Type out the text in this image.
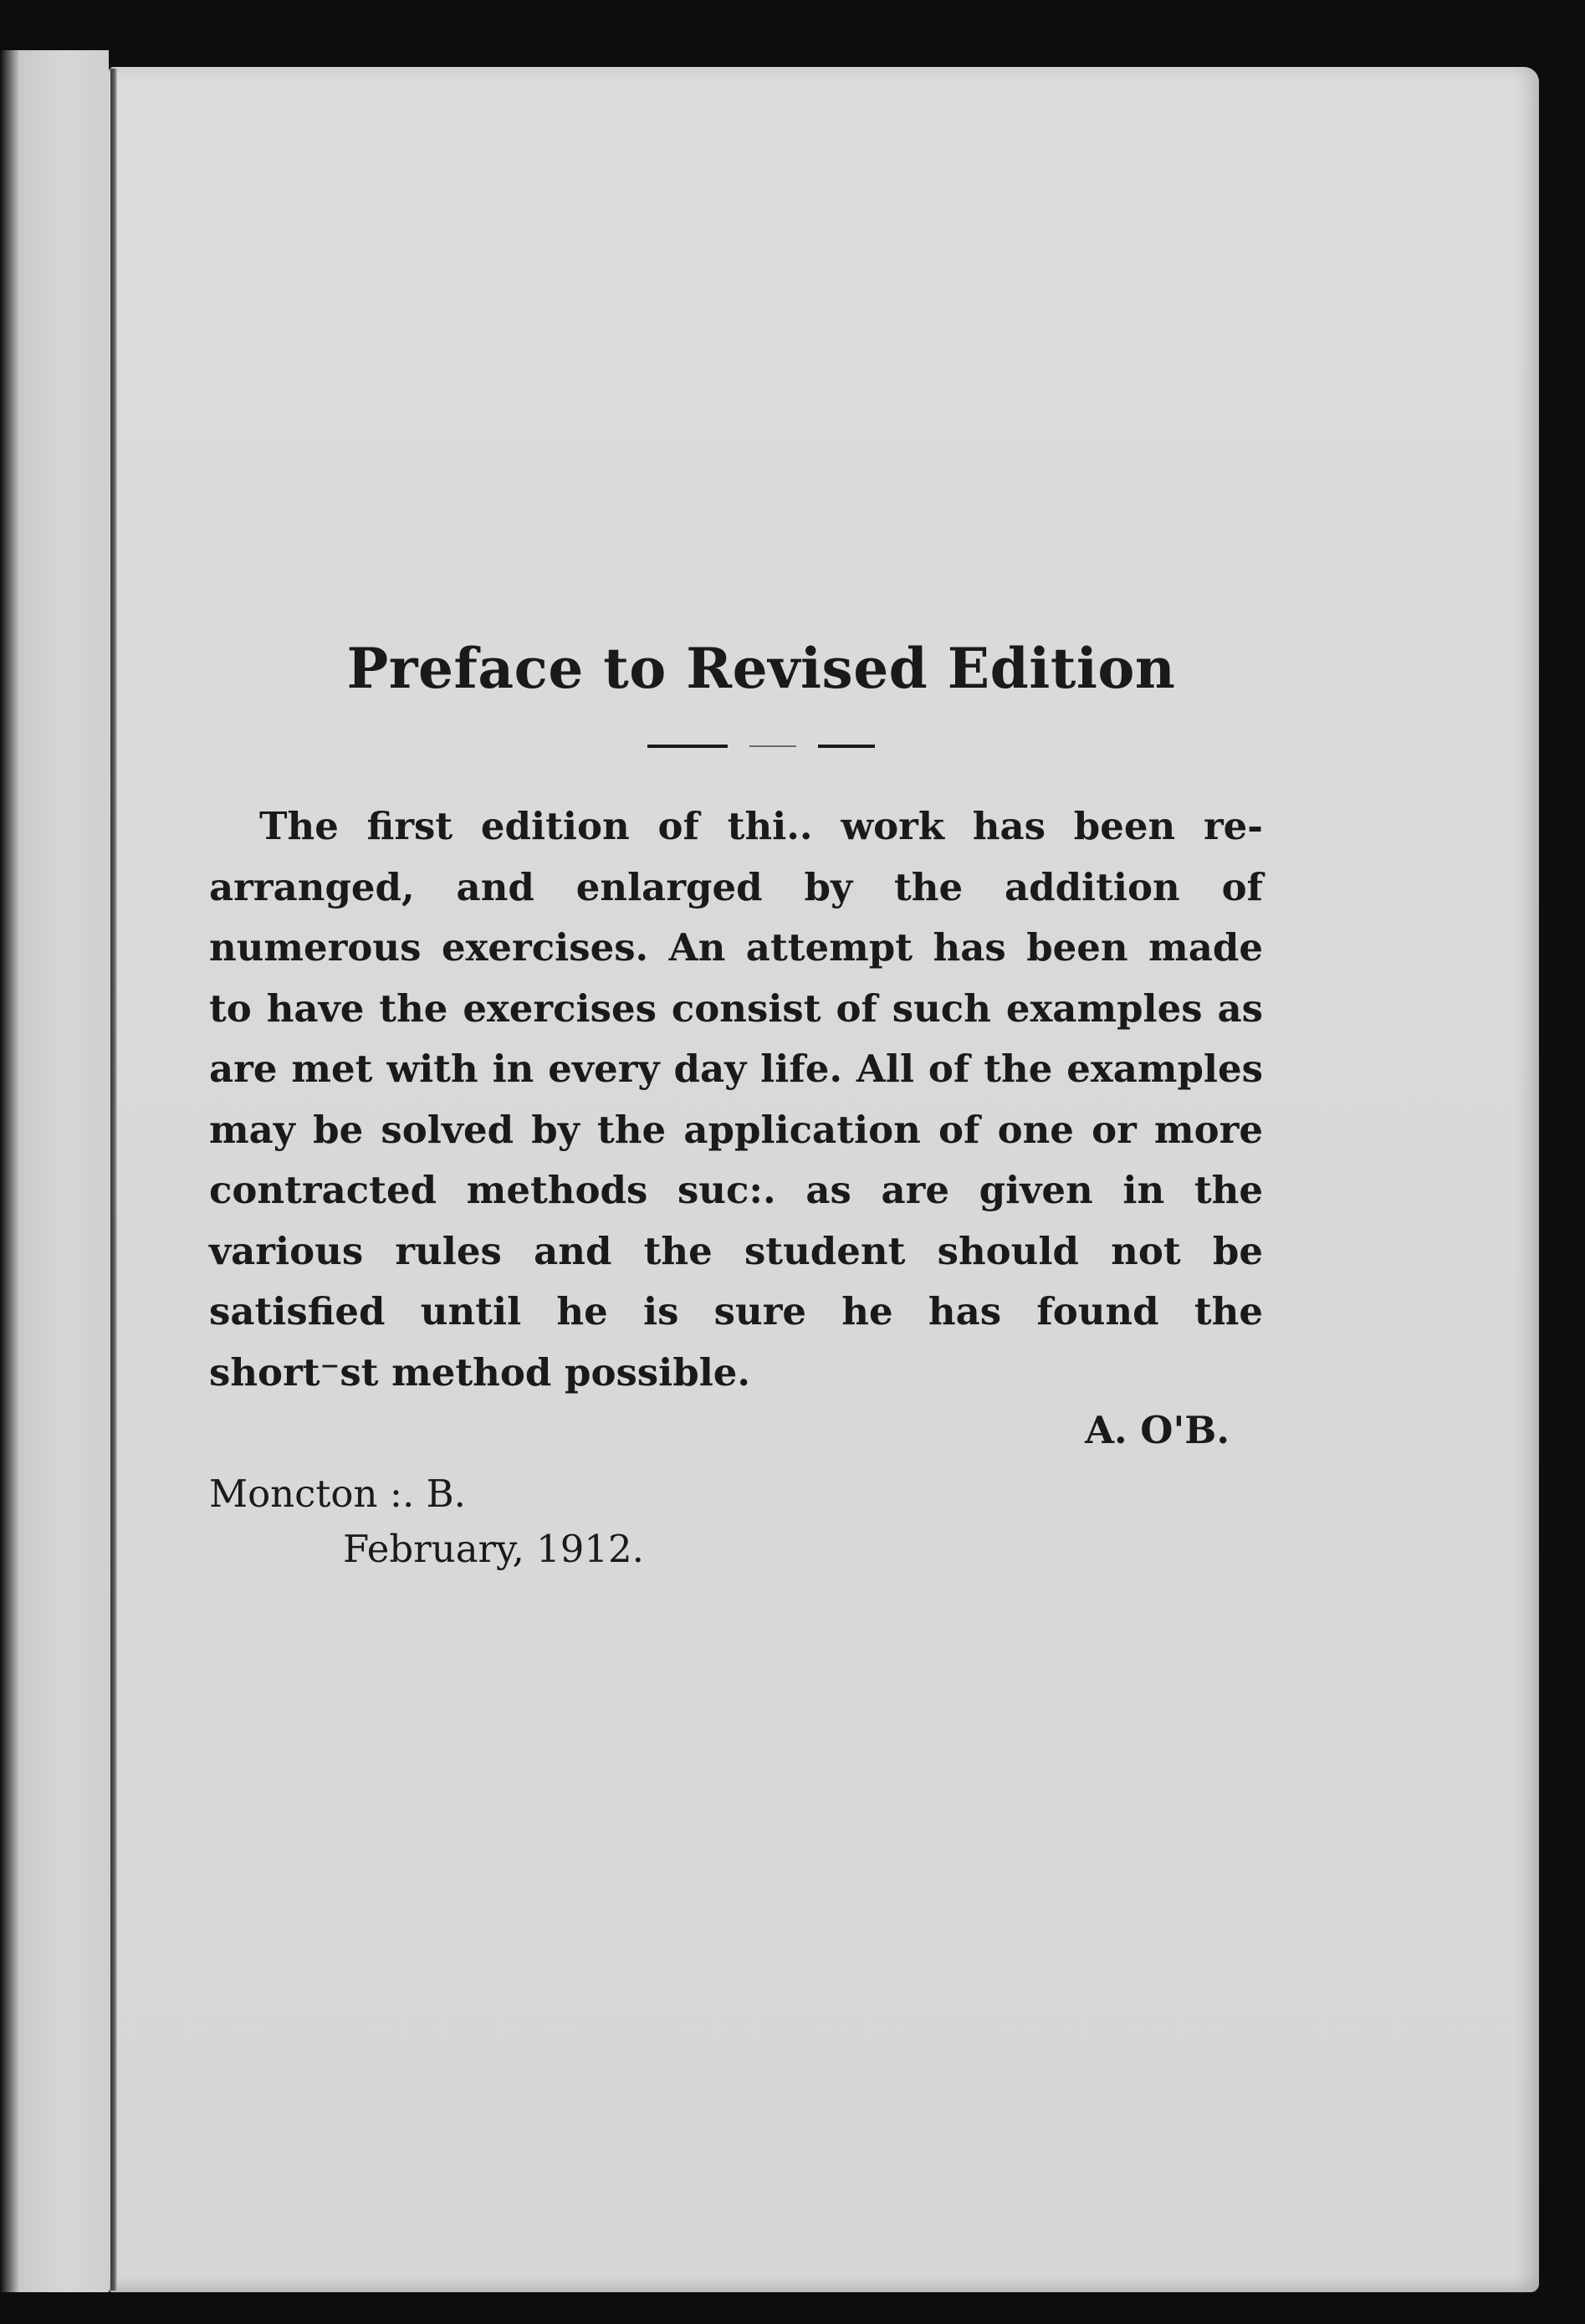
Preface to Revised Edition

The first edition of thi.. work has been re-arranged, and enlarged by the addition of numerous exercises. An attempt has been made to have the exercises consist of such examples as are met with in every day life. All of the examples may be solved by the application of one or more contracted methods suc:. as are given in the various rules and the student should not be satisfied until he is sure he has found the short⁻st method possible.

A. O'B.
Moncton :. B.
February, 1912.
